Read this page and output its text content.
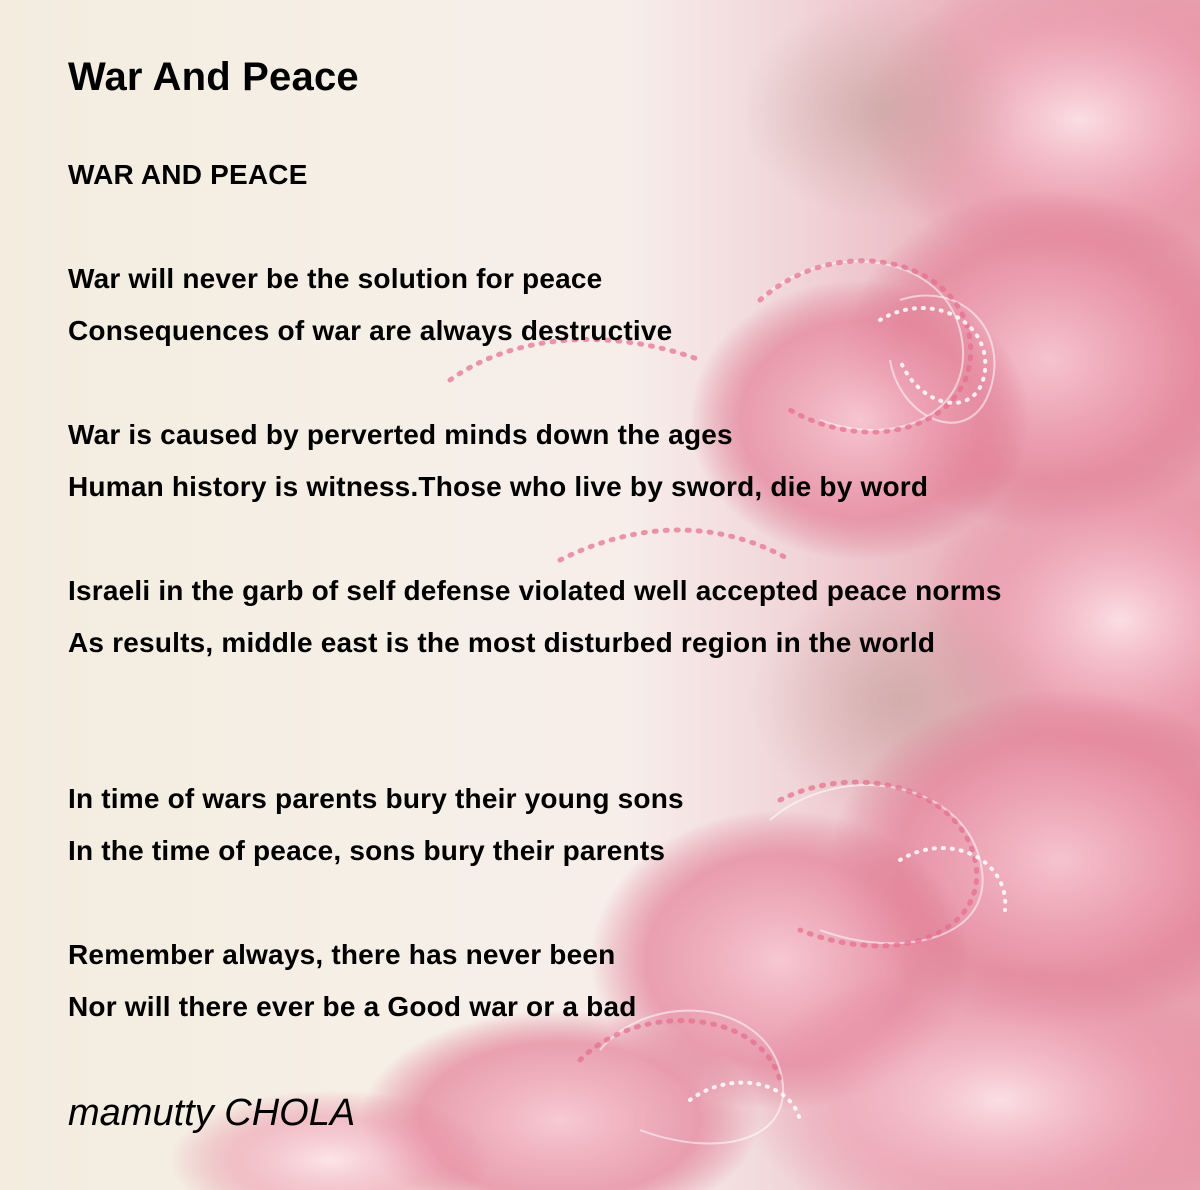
War And Peace
WAR AND PEACE
War will never be the solution for peace
Consequences of war are always destructive
War is caused by perverted minds down the ages
Human history is witness.Those who live by sword, die by word
Israeli in the garb of self defense violated well accepted peace norms
As results, middle east is the most disturbed region in the world
In time of wars parents bury their young sons
In the time of peace, sons bury their parents
Remember always, there has never been
Nor will there ever be a Good war or a bad
mamutty CHOLA
